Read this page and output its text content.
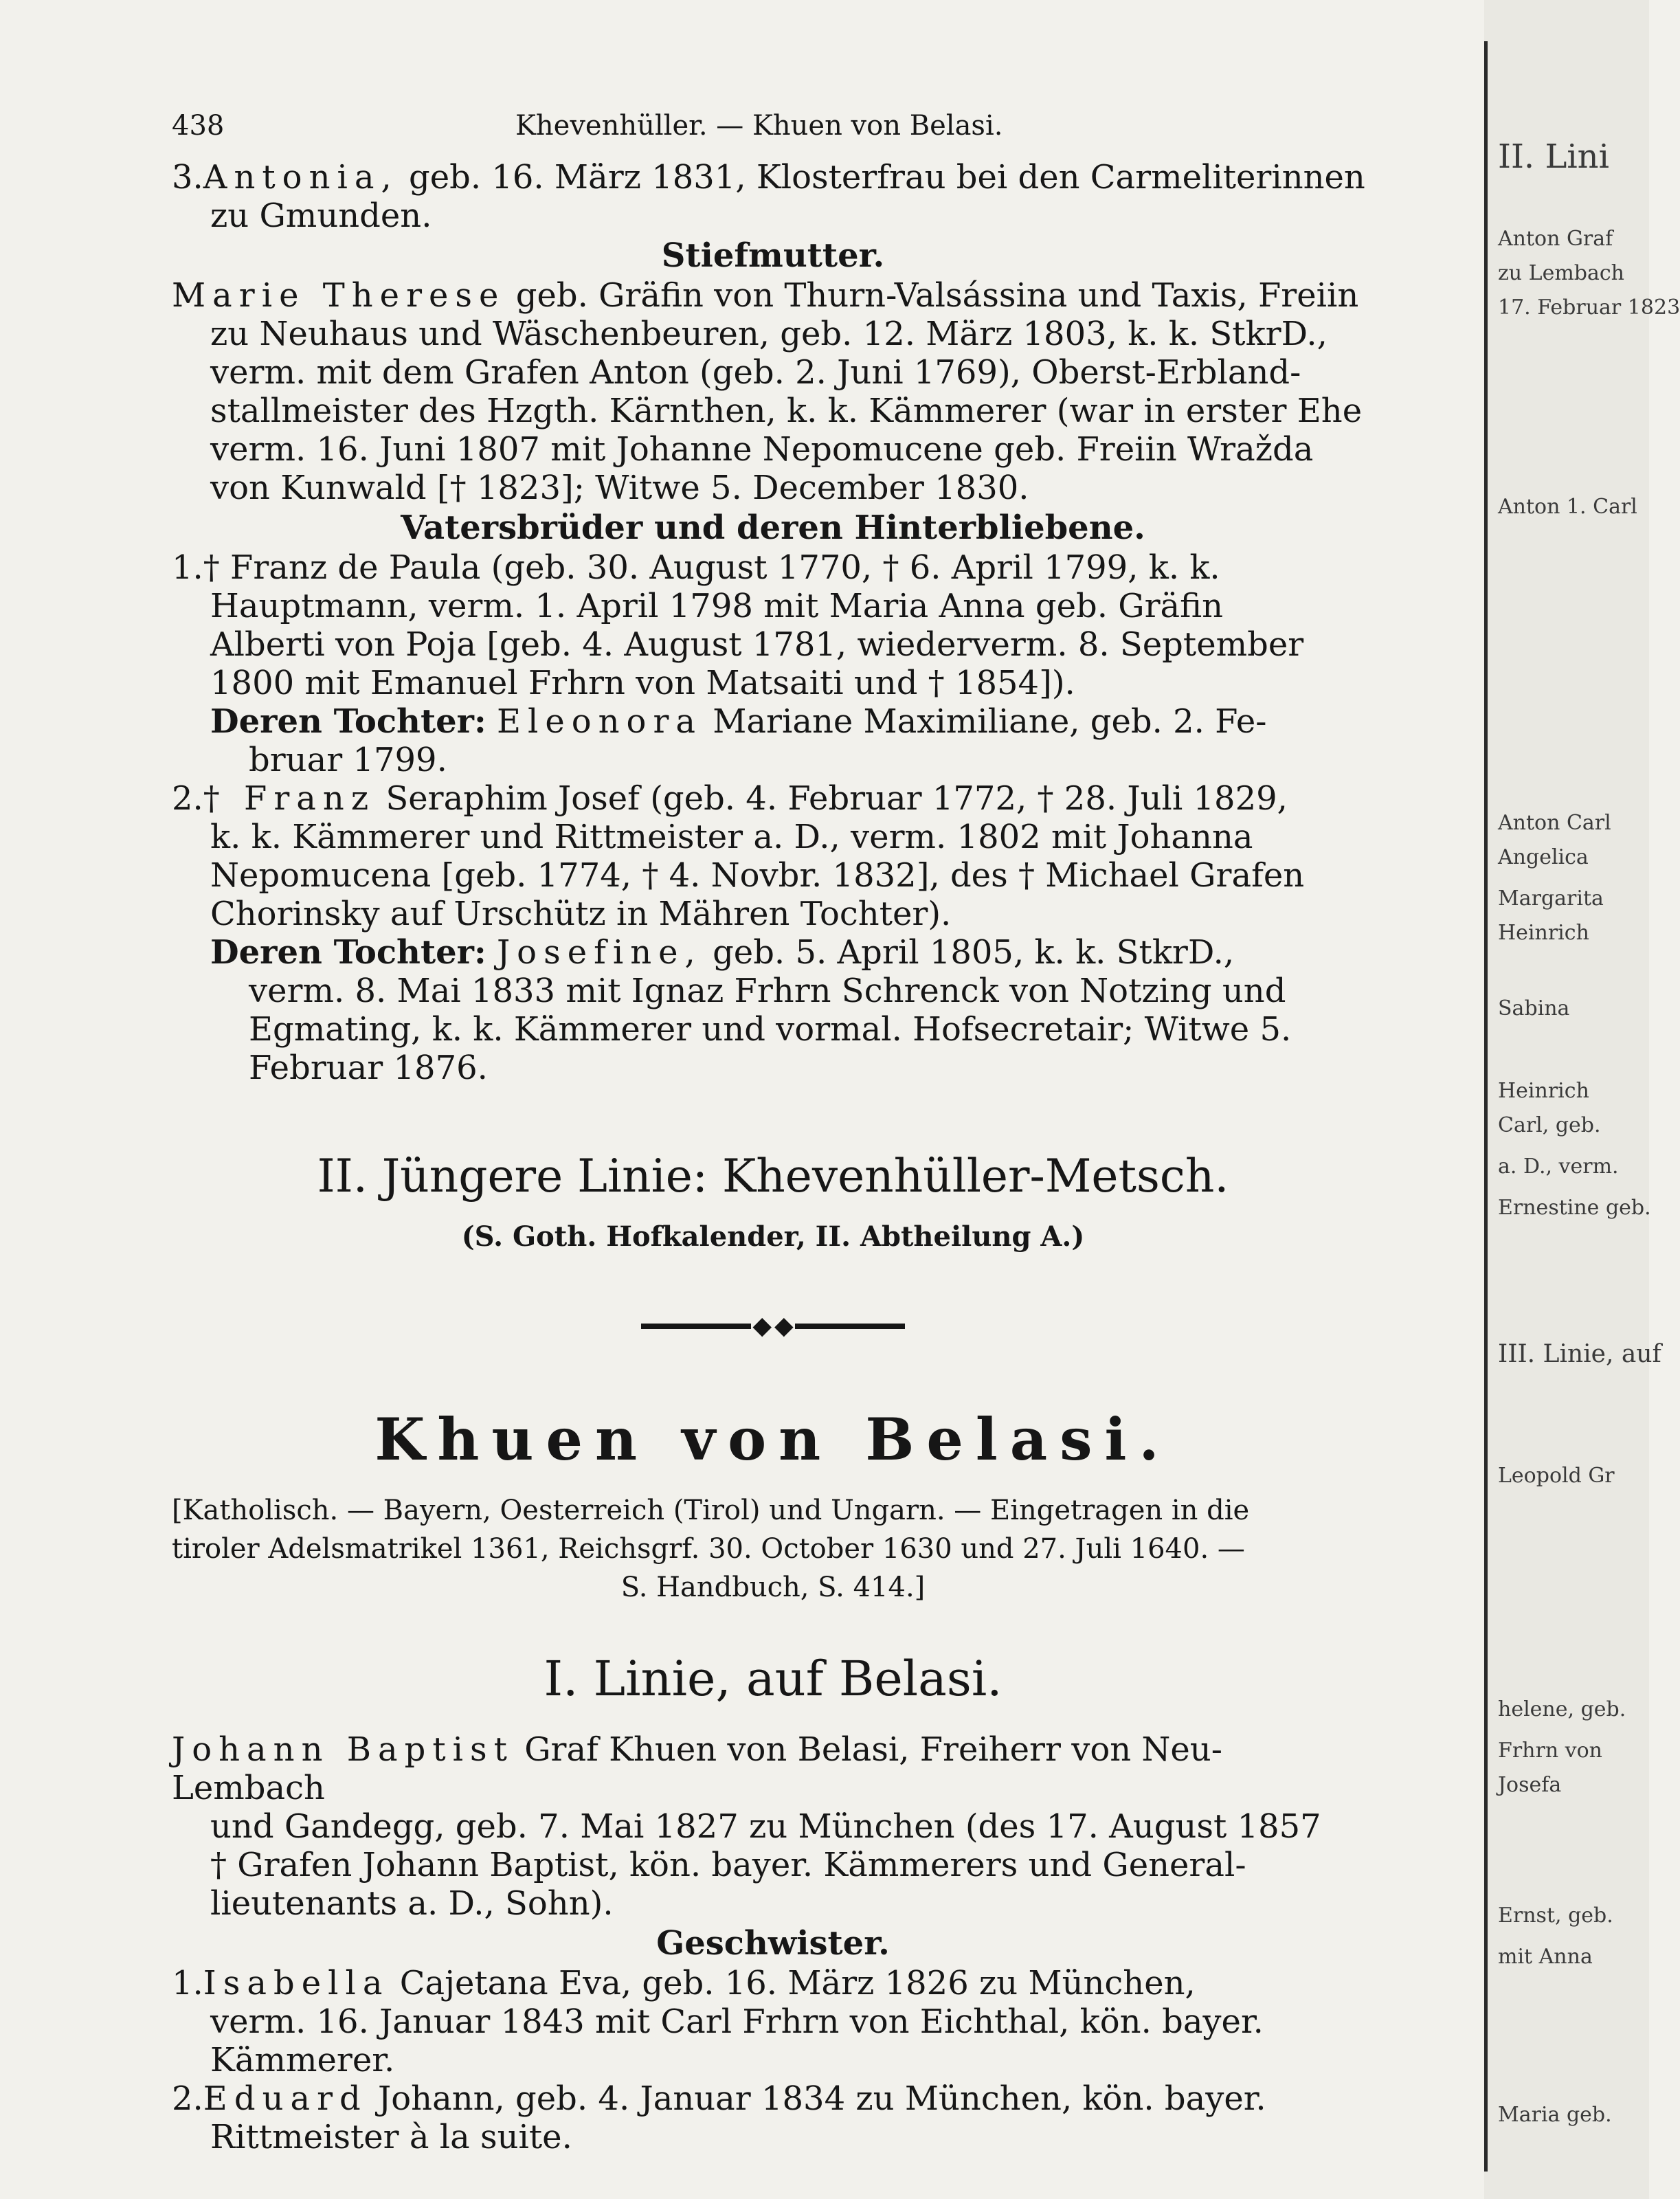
438	Khevenhüller. — Khuen von Belasi.

3.Antonia, geb. 16. März 1831, Klosterfrau bei den Carmeliterinnen
zu Gmunden.

Stiefmutter.

Marie Therese geb. Gräfin von Thurn-Valsássina und Taxis, Freiin
zu Neuhaus und Wäschenbeuren, geb. 12. März 1803, k. k. StkrD.,
verm. mit dem Grafen Anton (geb. 2. Juni 1769), Oberst-Erbland-
stallmeister des Hzgth. Kärnthen, k. k. Kämmerer (war in erster Ehe
verm. 16. Juni 1807 mit Johanne Nepomucene geb. Freiin Wražda
von Kunwald [† 1823]; Witwe 5. December 1830.

Vatersbrüder und deren Hinterbliebene.

1.† Franz de Paula (geb. 30. August 1770, † 6. April 1799, k. k.
Hauptmann, verm. 1. April 1798 mit Maria Anna geb. Gräfin
Alberti von Poja [geb. 4. August 1781, wiederverm. 8. September
1800 mit Emanuel Frhrn von Matsaiti und † 1854]).
Deren Tochter: Eleonora Mariane Maximiliane, geb. 2. Fe-
bruar 1799.

2.† Franz Seraphim Josef (geb. 4. Februar 1772, † 28. Juli 1829,
k. k. Kämmerer und Rittmeister a. D., verm. 1802 mit Johanna
Nepomucena [geb. 1774, † 4. Novbr. 1832], des † Michael Grafen
Chorinsky auf Urschütz in Mähren Tochter).
Deren Tochter: Josefine, geb. 5. April 1805, k. k. StkrD.,
verm. 8. Mai 1833 mit Ignaz Frhrn Schrenck von Notzing und
Egmating, k. k. Kämmerer und vormal. Hofsecretair; Witwe 5.
Februar 1876.

II. Jüngere Linie: Khevenhüller-Metsch.
(S. Goth. Hofkalender, II. Abtheilung A.)
◆ ◆
Khuen von Belasi.
[Katholisch. — Bayern, Oesterreich (Tirol) und Ungarn. — Eingetragen in die
tiroler Adelsmatrikel 1361, Reichsgrf. 30. October 1630 und 27. Juli 1640. —
S. Handbuch, S. 414.]
I. Linie, auf Belasi.

Johann Baptist Graf Khuen von Belasi, Freiherr von Neu-Lembach
und Gandegg, geb. 7. Mai 1827 zu München (des 17. August 1857
† Grafen Johann Baptist, kön. bayer. Kämmerers und General-
lieutenants a. D., Sohn).

Geschwister.

1.Isabella Cajetana Eva, geb. 16. März 1826 zu München,
verm. 16. Januar 1843 mit Carl Frhrn von Eichthal, kön. bayer.
Kämmerer.

2.Eduard Johann, geb. 4. Januar 1834 zu München, kön. bayer.
Rittmeister à la suite.

II. Lini
Anton Graf
zu Lembach
17. Februar 1823
Anton 1. Carl
Anton Carl
Angelica
Margarita
Heinrich
Sabina
Heinrich
Carl, geb.
a. D., verm.
Ernestine geb.
III. Linie, auf
Leopold Gr
helene, geb.
Frhrn von
Josefa
Ernst, geb.
mit Anna
Maria geb.
